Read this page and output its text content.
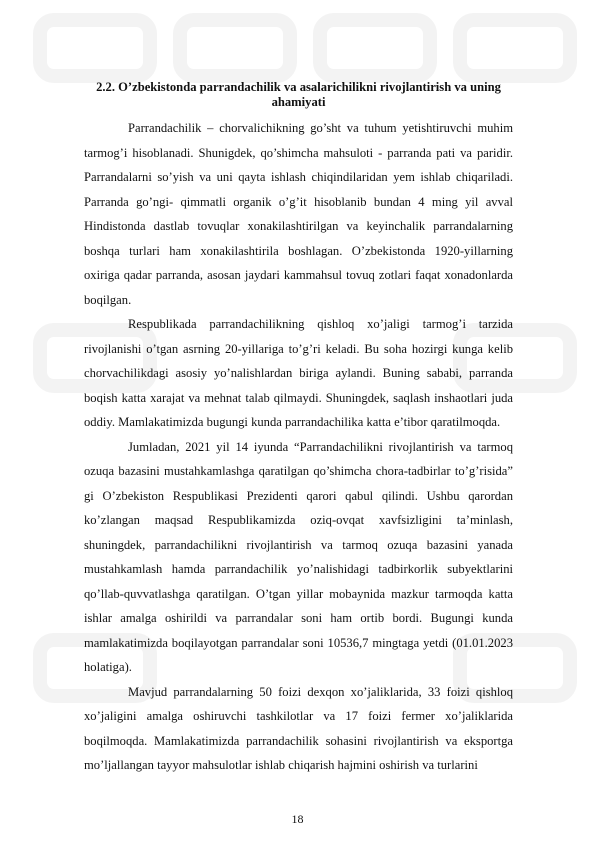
2.2. O’zbekistonda parrandachilik va asalarichilikni rivojlantirish va uning ahamiyati

Parrandachilik – chorvalichikning go’sht va tuhum yetishtiruvchi muhim tarmog’i hisoblanadi. Shunigdek, qo’shimcha mahsuloti - parranda pati va paridir. Parrandalarni so’yish va uni qayta ishlash chiqindilaridan yem ishlab chiqariladi. Parranda go’ngi- qimmatli organik o’g’it hisoblanib bundan 4 ming yil avval Hindistonda dastlab tovuqlar xonakilashtirilgan va keyinchalik parrandalarning boshqa turlari ham xonakilashtirila boshlagan. O’zbekistonda 1920-yillarning oxiriga qadar parranda, asosan jaydari kammahsul tovuq zotlari faqat xonadonlarda boqilgan.

Respublikada parrandachilikning qishloq xo’jaligi tarmog’i tarzida rivojlanishi o’tgan asrning 20-yillariga to’g’ri keladi. Bu soha hozirgi kunga kelib chorvachilikdagi asosiy yo’nalishlardan biriga aylandi. Buning sababi, parranda boqish katta xarajat va mehnat talab qilmaydi. Shuningdek, saqlash inshaotlari juda oddiy. Mamlakatimizda bugungi kunda parrandachilika katta e’tibor qaratilmoqda.

Jumladan, 2021 yil 14 iyunda “Parrandachilikni rivojlantirish va tarmoq ozuqa bazasini mustahkamlashga qaratilgan qo’shimcha chora-tadbirlar to’g’risida” gi O’zbekiston Respublikasi Prezidenti qarori qabul qilindi. Ushbu qarordan ko’zlangan maqsad Respublikamizda oziq-ovqat xavfsizligini ta’minlash, shuningdek, parrandachilikni rivojlantirish va tarmoq ozuqa bazasini yanada mustahkamlash hamda parrandachilik yo’nalishidagi tadbirkorlik subyektlarini qo’llab-quvvatlashga qaratilgan. O’tgan yillar mobaynida mazkur tarmoqda katta ishlar amalga oshirildi va parrandalar soni ham ortib bordi. Bugungi kunda mamlakatimizda boqilayotgan parrandalar soni 10536,7 mingtaga yetdi (01.01.2023 holatiga).

Mavjud parrandalarning 50 foizi dexqon xo’jaliklarida, 33 foizi qishloq xo’jaligini amalga oshiruvchi tashkilotlar va 17 foizi fermer xo’jaliklarida boqilmoqda. Mamlakatimizda parrandachilik sohasini rivojlantirish va eksportga mo’ljallangan tayyor mahsulotlar ishlab chiqarish hajmini oshirish va turlarini

18
